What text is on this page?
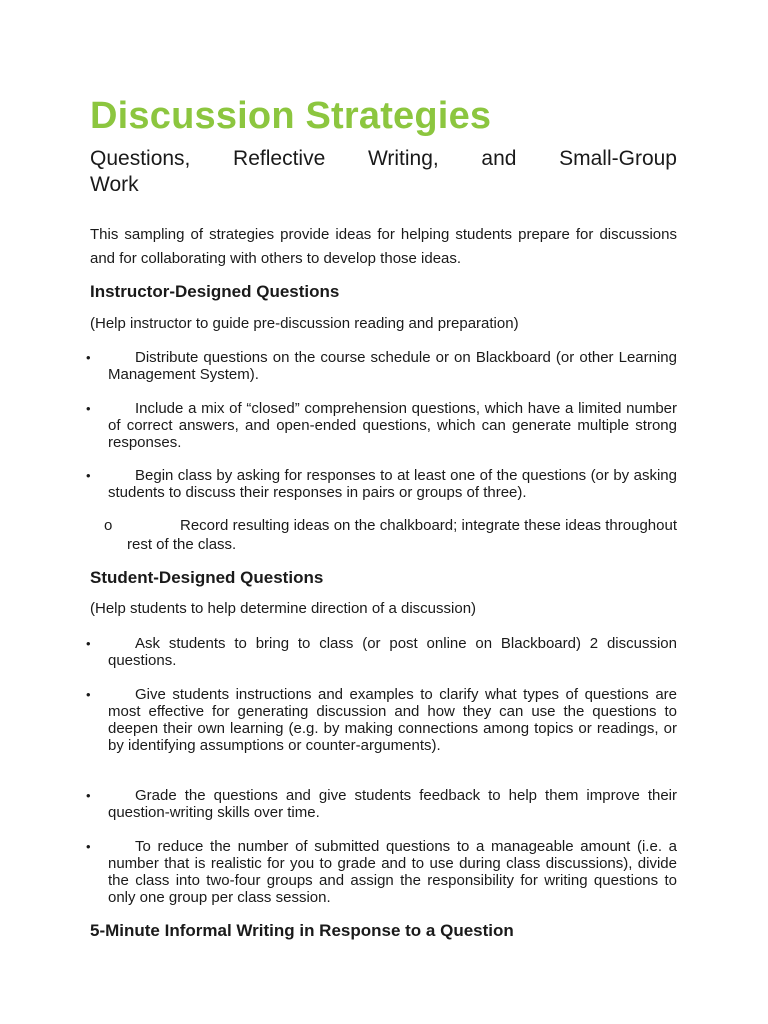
Discussion Strategies
Questions, Reflective Writing, and Small-Group
Work

This sampling of strategies provide ideas for helping students prepare for discussions and for collaborating with others to develop those ideas.

Instructor-Designed Questions

(Help instructor to guide pre-discussion reading and preparation)

•	Distribute questions on the course schedule or on Blackboard (or other Learning Management System).
•	Include a mix of “closed” comprehension questions, which have a limited number of correct answers, and open-ended questions, which can generate multiple strong responses.
•	Begin class by asking for responses to at least one of the questions (or by asking students to discuss their responses in pairs or groups of three).
o	Record resulting ideas on the chalkboard; integrate these ideas throughout rest of the class.
Student-Designed Questions

(Help students to help determine direction of a discussion)

•	Ask students to bring to class (or post online on Blackboard) 2 discussion questions.
•	Give students instructions and examples to clarify what types of questions are most effective for generating discussion and how they can use the questions to deepen their own learning (e.g. by making connections among topics or readings, or by identifying assumptions or counter-arguments).
•	Grade the questions and give students feedback to help them improve their question-writing skills over time.
•	To reduce the number of submitted questions to a manageable amount (i.e. a number that is realistic for you to grade and to use during class discussions), divide the class into two-four groups and assign the responsibility for writing questions to only one group per class session.
5-Minute Informal Writing in Response to a Question
